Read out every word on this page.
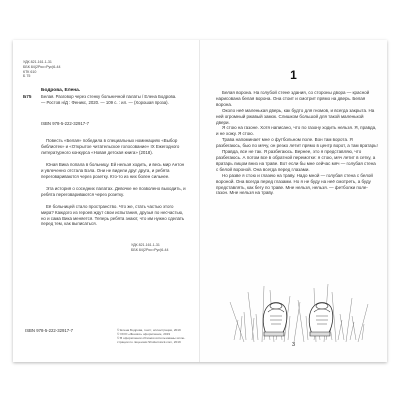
УДК 821.161.1-31
ББК 84(2Рос=Рус)6-44
КТК 610
Б 75
Бодрова, Елена.
Б75 Белая. Разговор через стенку больничной палаты / Елена Бодрова. — Ростов н/Д : Феникс, 2020. — 109 с. : ил. — (Хорошая проза).
ISBN 978-5-222-32917-7

Повесть «Белая» победила в специальных номинациях «Выбор библиотек» и «Открытое читательское голосование» IX Ежегодного литературного конкурса «Новая детская книга» (2018).

Юная Вика попала в больницу. Ей нельзя ходить, и весь мир Антон и увлеченно отстала Бэла. Они не видели друг друга, и ребята переговариваются через розетку. Кто-то из них болен сильнее.

Эта история о соседних палатах. Девочке не позволено выходить, и ребята переговариваются через розетку.

Её больницей стало пространство. Что же, стать частью этого мира? Каждого из героев ждут свои испытания, друзья по несчастью, но и сама Вика меняется. Теперь ребята знают, что им нужно сделать перед тем, как выписаться.

УДК 821.161.1-31
ББК 84(2Рос=Рус)6-44
ISBN 978-5-222-32917-7	© Елена Бодрова, текст, иллюстрации, 2019
© ООО «Феникс» оформление, 2019
© В оформлении обложки использованы иллюстрации по лицензии Shutterstock.com, 2019
1

Белая ворона. На голубой стене здания, со стороны двора — красной нарисована белая ворона. Она стоит и смотрит прямо на дверь. Белая ворона.

Около неё маленькая дверь, как будто для гномов, и всегда закрыта. На ней огромный ржавый замок. Слишком большой для такой маленькой двери.

Я стою на газоне. Хотя написано, что по газону ходить нельзя. Я, правда, и не хожу. Я стою.

Трава напоминает мне о футбольном поле. Вон там ворота. Я разбегаюсь, бью по мячу, он резко летит прямо в центр ворот, а там вратарь!

Правда, все не так. Я разбегаюсь. Вернее, это я представляю, что разбегаюсь. А потом все в обратной перемотке: я стою, мяч летит в сетку, а вратарь лицом вниз на траве. Вот если бы мне сейчас мяч — голубая стена с белой вороной. Она всегда перед глазами.

Но разве я стою и глазею на траву. Надо мной — голубая стена с белой вороной. Она всегда перед глазами. Но я не буду на неё смотреть, а буду представлять, как бегу по траве. Мне нельзя, нельзя. — фетболки поле-газон. Мне нельзя на траву.

3
